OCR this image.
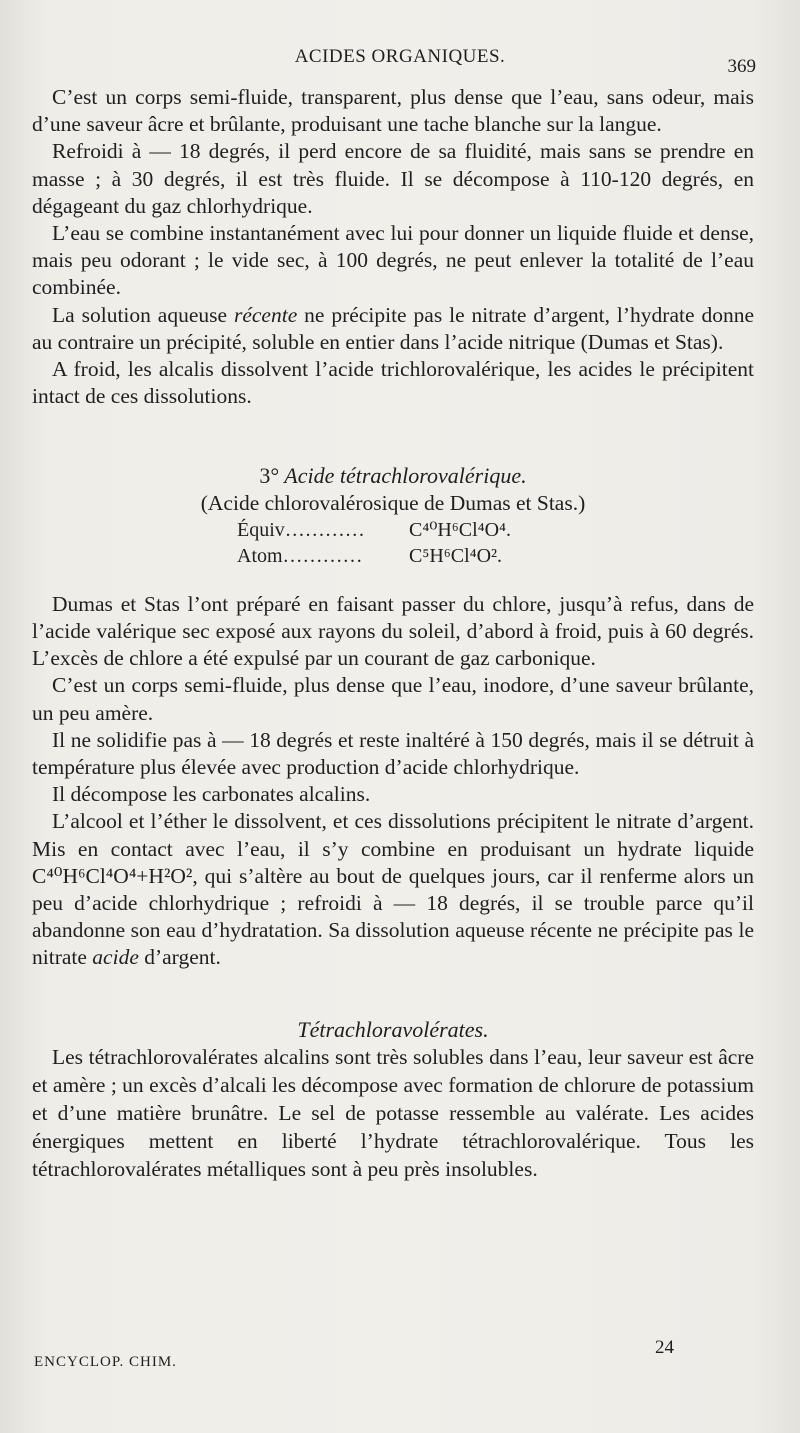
ACIDES ORGANIQUES.	369

C’est un corps semi-fluide, transparent, plus dense que l’eau, sans odeur, mais d’une saveur âcre et brûlante, produisant une tache blanche sur la langue.

Refroidi à — 18 degrés, il perd encore de sa fluidité, mais sans se prendre en masse ; à 30 degrés, il est très fluide. Il se décompose à 110-120 degrés, en dégageant du gaz chlorhydrique.

L’eau se combine instantanément avec lui pour donner un liquide fluide et dense, mais peu odorant ; le vide sec, à 100 degrés, ne peut enlever la totalité de l’eau combinée.

La solution aqueuse récente ne précipite pas le nitrate d’argent, l’hydrate donne au contraire un précipité, soluble en entier dans l’acide nitrique (Dumas et Stas).

A froid, les alcalis dissolvent l’acide trichlorovalérique, les acides le précipitent intact de ces dissolutions.

3° Acide tétrachlorovalérique.

(Acide chlorovalérosique de Dumas et Stas.)

Équiv…………	C⁴⁰H⁶Cl⁴O⁴.
Atom…………	C⁵H⁶Cl⁴O².

Dumas et Stas l’ont préparé en faisant passer du chlore, jusqu’à refus, dans de l’acide valérique sec exposé aux rayons du soleil, d’abord à froid, puis à 60 degrés. L’excès de chlore a été expulsé par un courant de gaz carbonique.

C’est un corps semi-fluide, plus dense que l’eau, inodore, d’une saveur brûlante, un peu amère.

Il ne solidifie pas à — 18 degrés et reste inaltéré à 150 degrés, mais il se détruit à température plus élevée avec production d’acide chlorhydrique.

Il décompose les carbonates alcalins.

L’alcool et l’éther le dissolvent, et ces dissolutions précipitent le nitrate d’argent. Mis en contact avec l’eau, il s’y combine en produisant un hydrate liquide C⁴⁰H⁶Cl⁴O⁴+H²O², qui s’altère au bout de quelques jours, car il renferme alors un peu d’acide chlorhydrique ; refroidi à — 18 degrés, il se trouble parce qu’il abandonne son eau d’hydratation. Sa dissolution aqueuse récente ne précipite pas le nitrate acide d’argent.

Tétrachloravolérates.

Les tétrachlorovalérates alcalins sont très solubles dans l’eau, leur saveur est âcre et amère ; un excès d’alcali les décompose avec formation de chlorure de potassium et d’une matière brunâtre. Le sel de potasse ressemble au valérate. Les acides énergiques mettent en liberté l’hydrate tétrachlorovalérique. Tous les tétrachlorovalérates métalliques sont à peu près insolubles.

ENCYCLOP. CHIM.
24
